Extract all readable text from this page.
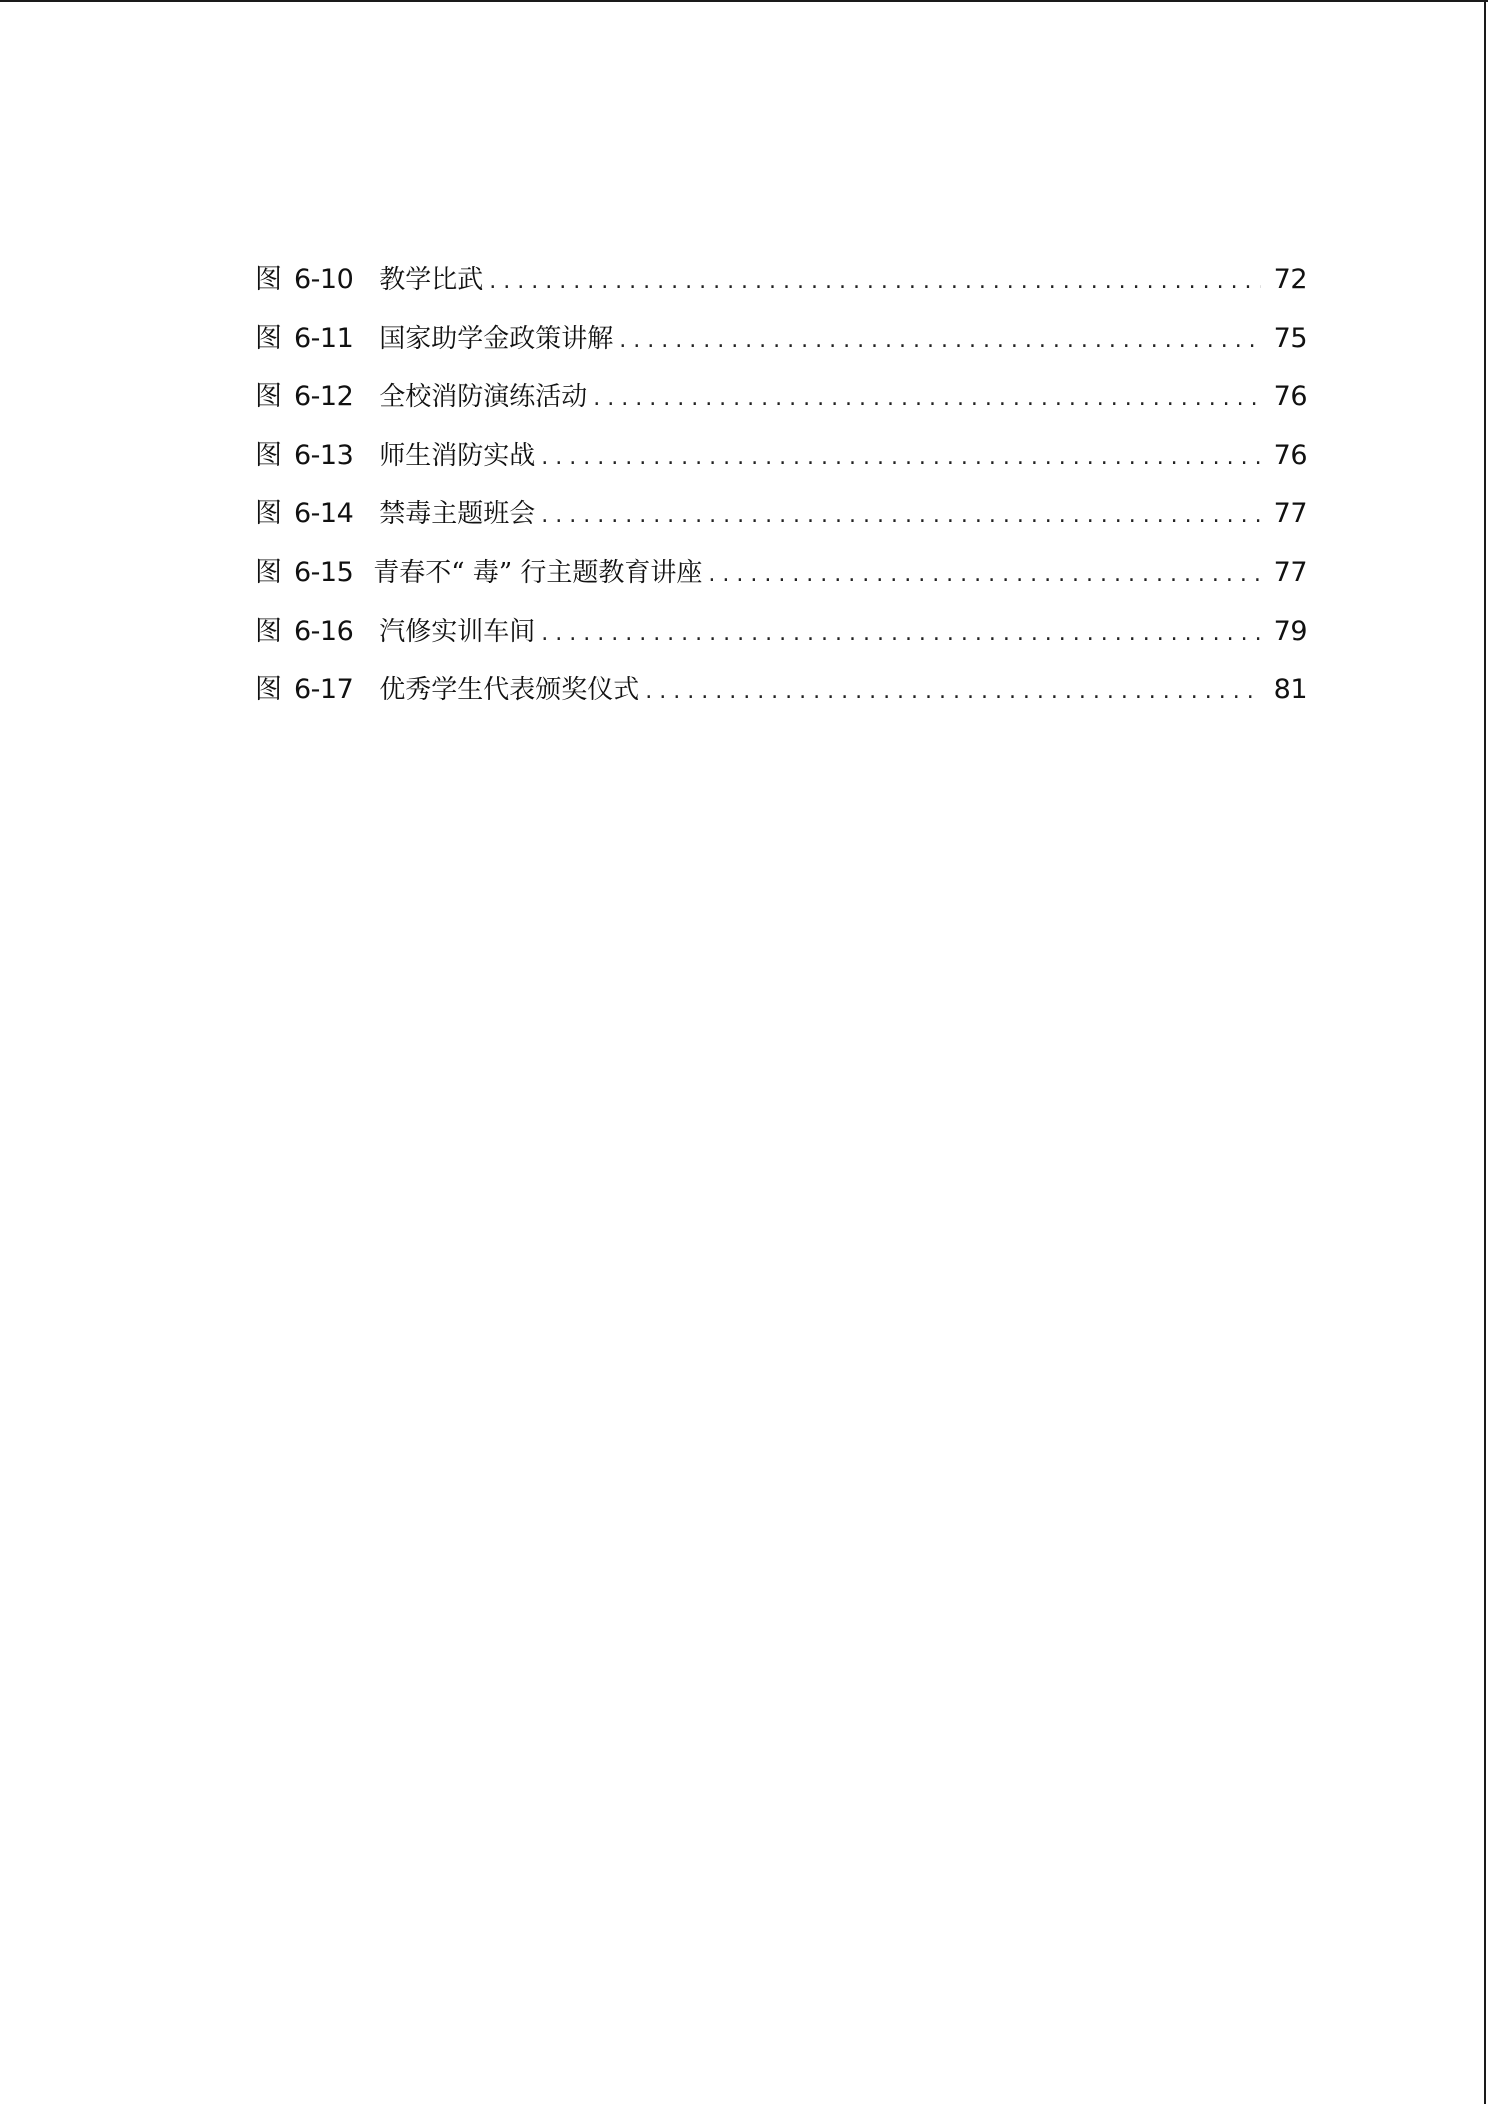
图 6-10 教学比武 . . .	72
图 6-11 国家助学金政策讲解 . . .	75
图 6-12 全校消防演练活动 . . .	76
图 6-13 师生消防实战 . . .	76
图 6-14 禁毒主题班会 . . .	77
图 6-15 青春不“ 毒” 行主题教育讲座 . . .	77
图 6-16 汽修实训车间 . . .	79
图 6-17 优秀学生代表颁奖仪式 . . .	81
